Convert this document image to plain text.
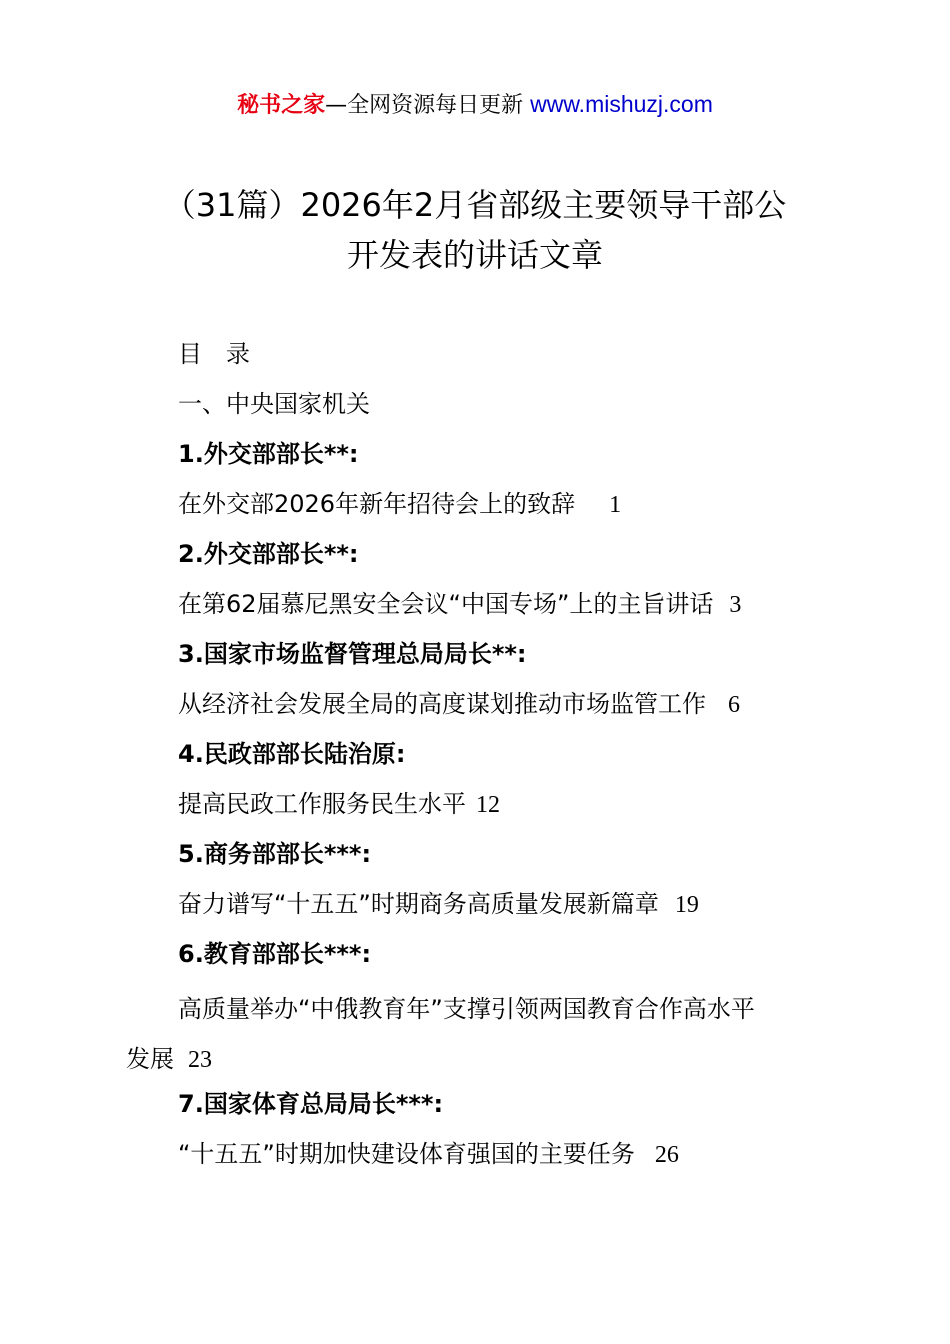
秘书之家—全网资源每日更新 www.mishuzj.com
（31篇）2026年2月省部级主要领导干部公
开发表的讲话文章
目　录
一、中央国家机关
1.外交部部长**:
在外交部2026年新年招待会上的致辞 1
2.外交部部长**:
在第62届慕尼黑安全会议“中国专场”上的主旨讲话 3
3.国家市场监督管理总局局长**:
从经济社会发展全局的高度谋划推动市场监管工作 6
4.民政部部长陆治原:
提高民政工作服务民生水平 12
5.商务部部长***:
奋力谱写“十五五”时期商务高质量发展新篇章 19
6.教育部部长***:
高质量举办“中俄教育年”支撑引领两国教育合作高水平
发展 23
7.国家体育总局局长***:
“十五五”时期加快建设体育强国的主要任务 26
